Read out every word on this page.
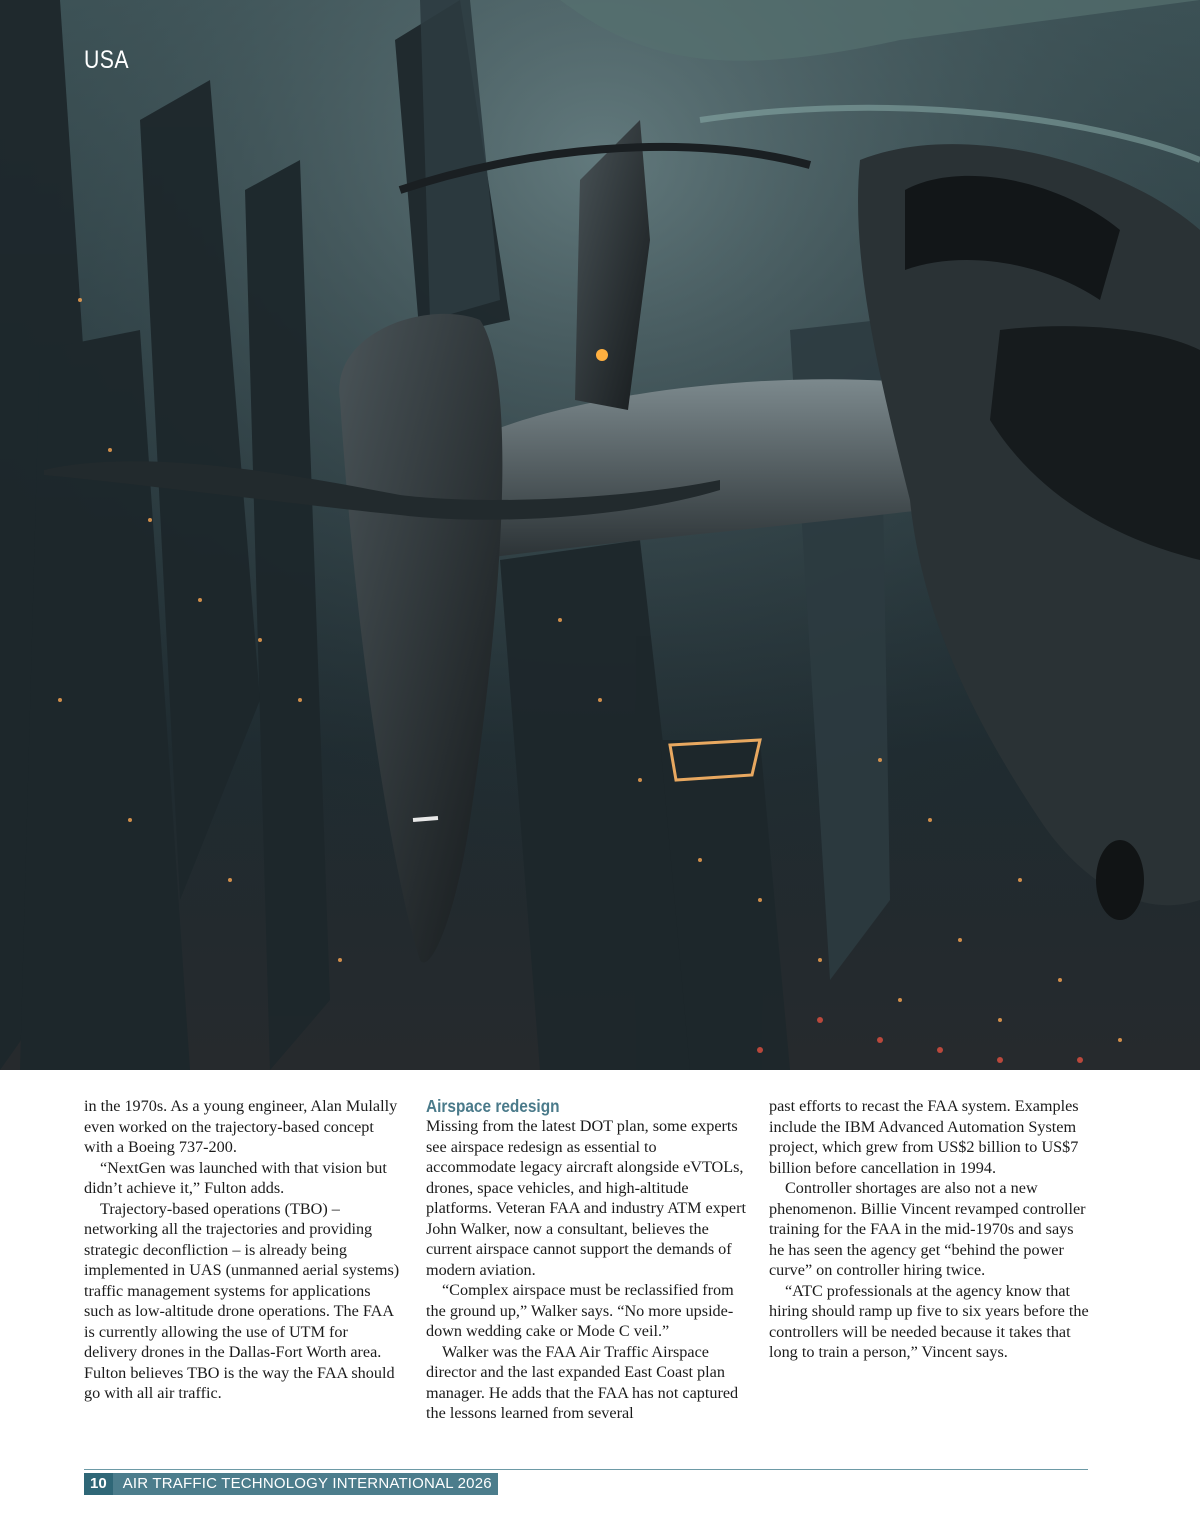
USA

in the 1970s. As a young engineer, Alan Mulally even worked on the trajectory-based concept with a Boeing 737-200.

“NextGen was launched with that vision but didn’t achieve it,” Fulton adds.

Trajectory-based operations (TBO) – networking all the trajectories and providing strategic deconfliction – is already being implemented in UAS (unmanned aerial systems) traffic management systems for applications such as low-altitude drone operations. The FAA is currently allowing the use of UTM for delivery drones in the Dallas-Fort Worth area. Fulton believes TBO is the way the FAA should go with all air traffic.

Airspace redesign

Missing from the latest DOT plan, some experts see airspace redesign as essential to accommodate legacy aircraft alongside eVTOLs, drones, space vehicles, and high-altitude platforms. Veteran FAA and industry ATM expert John Walker, now a consultant, believes the current airspace cannot support the demands of modern aviation.

“Complex airspace must be reclassified from the ground up,” Walker says. “No more upside-down wedding cake or Mode C veil.”

Walker was the FAA Air Traffic Airspace director and the last expanded East Coast plan manager. He adds that the FAA has not captured the lessons learned from several

past efforts to recast the FAA system. Examples include the IBM Advanced Automation System project, which grew from US$2 billion to US$7 billion before cancellation in 1994.

Controller shortages are also not a new phenomenon. Billie Vincent revamped controller training for the FAA in the mid-1970s and says he has seen the agency get “behind the power curve” on controller hiring twice.

“ATC professionals at the agency know that hiring should ramp up five to six years before the controllers will be needed because it takes that long to train a person,” Vincent says.

10	AIR TRAFFIC TECHNOLOGY INTERNATIONAL 2026
